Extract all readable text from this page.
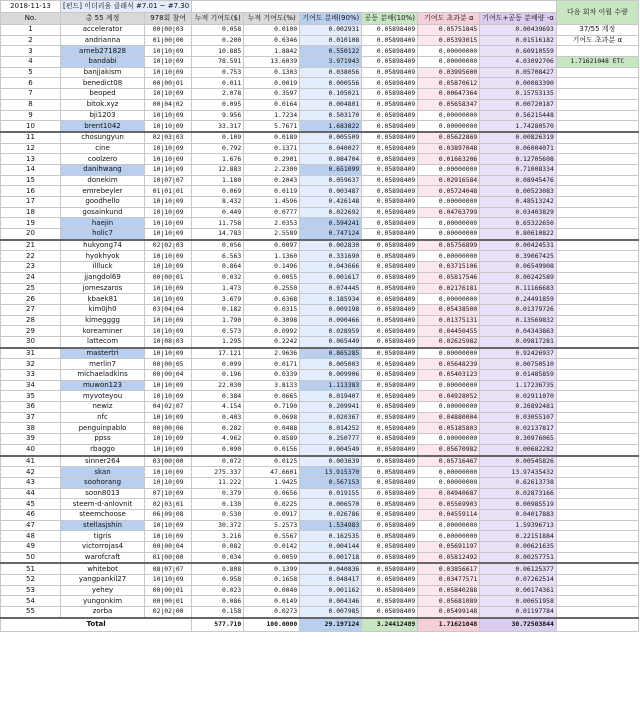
2018-11-13	[펀드] 이더리움 클래식 #7.01 ~ #7.30								다음 회차 이월 수량
No.	총 55 계정	978회 참여	누적 기여도($)	누적 기여도(%)	기여도 분배(90%)	공동 분배(10%)	기여도 초과분 α	기여도+공동 분배량 -α	
1	accelerator	00|00|03	0.058	0.0100	0.002931	0.05898409	0.05751845	0.00439693	37/55 계정
2	andrianna	01|00|00	0.200	0.0346	0.010108	0.05898409	0.05393015	0.01516182	기여도 초과분 α
3	arneb271828	10|10|09	10.885	1.8842	0.550122	0.05898409	0.00000000	0.60910559	
4	bandabi	10|10|09	78.591	13.6039	3.971943	0.05898409	0.00000000	4.03092706	1.71621048 ETC
5	banjjakism	10|10|09	0.753	0.1303	0.038056	0.05898409	0.03995600	0.05708427	
6	benedict08	00|00|01	0.011	0.0019	0.000556	0.05898409	0.05870612	0.00083390	
7	beoped	10|10|09	2.078	0.3597	0.105021	0.05898409	0.00647364	0.15753135	
8	bitok.xyz	00|04|02	0.095	0.0164	0.004801	0.05898409	0.05658347	0.00720187	
9	bji1203	10|10|09	9.956	1.7234	0.503170	0.05898409	0.00000000	0.56215448	
10	brent1042	10|10|09	33.317	5.7671	1.683822	0.05898409	0.00000000	1.74280570	
11	chosungyun	02|03|03	0.109	0.0189	0.005509	0.05898409	0.05622869	0.00826319	
12	cine	10|10|09	0.792	0.1371	0.040027	0.05898409	0.03897048	0.06004071	
13	coolzero	10|10|09	1.676	0.2901	0.084704	0.05898409	0.01663206	0.12705608	
14	danihwang	10|10|09	12.883	2.2300	0.651099	0.05898409	0.00000000	0.71008334	
15	donekim	10|07|07	1.180	0.2043	0.059637	0.05898409	0.02916584	0.08945476	
16	emrebeyler	01|01|01	0.069	0.0119	0.003487	0.05898409	0.05724048	0.00523083	
17	goodhello	10|10|09	8.432	1.4596	0.426148	0.05898409	0.00000000	0.48513242	
18	gosainkund	10|10|09	0.449	0.0777	0.022692	0.05898409	0.04763799	0.03403829	
19	haejin	10|10|09	11.758	2.0353	0.594241	0.05898409	0.00000000	0.65322650	
20	holic7	10|10|09	14.783	2.5589	0.747124	0.05898409	0.00000000	0.80610822	
21	hukyong74	02|02|03	0.056	0.0097	0.002830	0.05898409	0.05756899	0.00424531	
22	hyokhyok	10|10|09	6.563	1.1360	0.331690	0.05898409	0.00000000	0.39067425	
23	illluck	10|10|09	0.864	0.1496	0.043666	0.05898409	0.03715106	0.06549908	
24	jjangdol69	00|00|01	0.032	0.0055	0.001617	0.05898409	0.05817546	0.00242589	
25	jomeszaros	10|10|09	1.473	0.2550	0.074445	0.05898409	0.02176181	0.11166683	
26	kbaek81	10|10|09	3.679	0.6368	0.185934	0.05898409	0.00000000	0.24491859	
27	kim0jh0	03|04|04	0.182	0.0315	0.009198	0.05898409	0.05438500	0.01379726	
28	kimegggg	10|10|09	1.790	0.3098	0.090466	0.05898409	0.01375131	0.13569832	
29	koreaminer	10|10|09	0.573	0.0992	0.028959	0.05898409	0.04450455	0.04343863	
30	lattecom	10|08|03	1.295	0.2242	0.065449	0.05898409	0.02625982	0.09817281	
31	mastertri	10|10|09	17.121	2.9636	0.865285	0.05898409	0.00000000	0.92426937	
32	merlin7	00|00|05	0.099	0.0171	0.005003	0.05898409	0.05648239	0.00750510	
33	michaeladkins	00|00|04	0.196	0.0339	0.009906	0.05898409	0.05403123	0.01485859	
34	muwon123	10|10|09	22.030	3.8133	1.113383	0.05898409	0.00000000	1.17236735	
35	myvoteyou	10|10|09	0.384	0.0665	0.019407	0.05898409	0.04928052	0.02911070	
36	newiz	04|02|07	4.154	0.7190	0.209941	0.05898409	0.00000000	0.26892481	
37	nfc	10|10|09	0.403	0.0698	0.020367	0.05898409	0.04880004	0.03055107	
38	penguinpablo	00|00|06	0.282	0.0488	0.014252	0.05898409	0.05185803	0.02137817	
39	ppss	10|10|09	4.962	0.8589	0.250777	0.05898409	0.00000000	0.30976065	
40	rbaggo	10|10|09	0.090	0.0156	0.004549	0.05898409	0.05670982	0.00682282	
41	sinner264	03|00|00	0.072	0.0125	0.003639	0.05898409	0.05716467	0.00545826	
42	skan	10|10|09	275.337	47.6601	13.915370	0.05898409	0.00000000	13.97435432	
43	soohorang	10|10|09	11.222	1.9425	0.567153	0.05898409	0.00000000	0.62613738	
44	soon8013	07|10|09	0.379	0.0656	0.019155	0.05898409	0.04940687	0.02873166	
45	steem-d-anlovnit	02|03|01	0.130	0.0225	0.006570	0.05898409	0.05569903	0.00985519	
46	steemchoose	06|09|08	0.530	0.0917	0.026786	0.05898409	0.04559114	0.04017883	
47	stellasjshin	10|10|09	30.372	5.2573	1.534983	0.05898409	0.00000000	1.59396713	
48	tigris	10|10|09	3.216	0.5567	0.162535	0.05898409	0.00000000	0.22151884	
49	victorrojas4	00|00|04	0.082	0.0142	0.004144	0.05898409	0.05691197	0.00621635	
50	warofcraft	01|00|00	0.034	0.0059	0.001718	0.05898409	0.05812492	0.00257751	
51	whitebot	08|07|07	0.808	0.1399	0.040836	0.05898409	0.03856617	0.06125377	
52	yangpankil27	10|10|09	0.958	0.1658	0.048417	0.05898409	0.03477571	0.07262514	
53	yehey	00|00|01	0.023	0.0040	0.001162	0.05898409	0.05840288	0.00174361	
54	yungonkim	00|00|01	0.086	0.0149	0.004346	0.05898409	0.05681089	0.00651958	
55	zorba	02|02|00	0.158	0.0273	0.007985	0.05898409	0.05499148	0.01197784	
Total			577.710	100.0000	29.197124	3.24412489	1.71621048	30.72503844	
